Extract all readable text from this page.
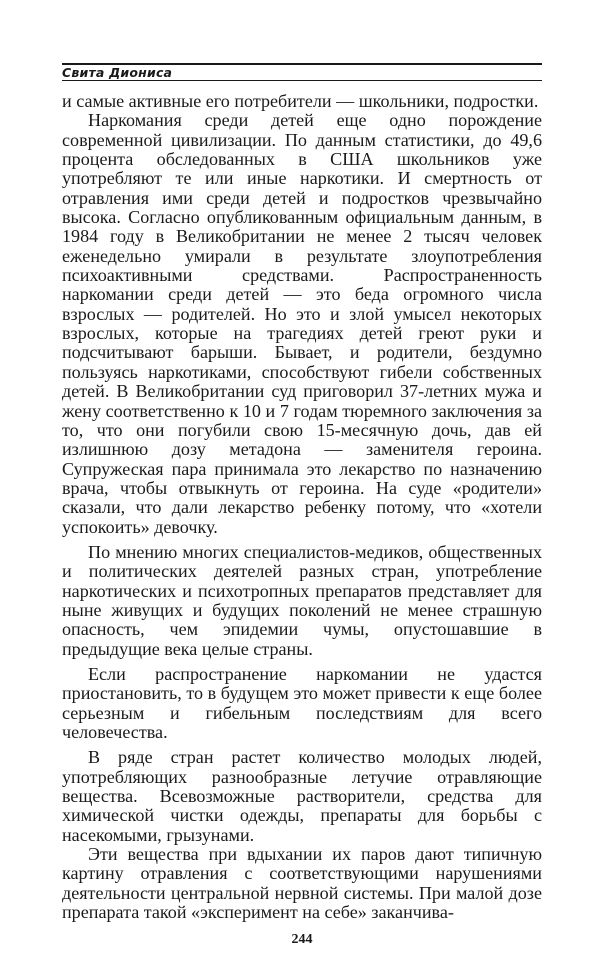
Свита Диониса

и самые активные его потребители — школьники, подростки.

Наркомания среди детей еще одно порождение современной цивилизации. По данным статистики, до 49,6 процента обследованных в США школьников уже употребляют те или иные наркотики. И смертность от отравления ими среди детей и подростков чрезвычайно высока. Согласно опубликованным официальным данным, в 1984 году в Великобритании не менее 2 тысяч человек еженедельно умирали в результате злоупотребления психоактивными средствами. Распространенность наркомании среди детей — это беда огромного числа взрослых — родителей. Но это и злой умысел некоторых взрослых, которые на трагедиях детей греют руки и подсчитывают барыши. Бывает, и родители, бездумно пользуясь наркотиками, способствуют гибели собственных детей. В Великобритании суд приговорил 37-летних мужа и жену соответственно к 10 и 7 годам тюремного заключения за то, что они погубили свою 15-месячную дочь, дав ей излишнюю дозу метадона — заменителя героина. Супружеская пара принимала это лекарство по назначению врача, чтобы отвыкнуть от героина. На суде «родители» сказали, что дали лекарство ребенку потому, что «хотели успокоить» девочку.

По мнению многих специалистов-медиков, общественных и политических деятелей разных стран, употребление наркотических и психотропных препаратов представляет для ныне живущих и будущих поколений не менее страшную опасность, чем эпидемии чумы, опустошавшие в предыдущие века целые страны.

Если распространение наркомании не удастся приостановить, то в будущем это может привести к еще более серьезным и гибельным последствиям для всего человечества.

В ряде стран растет количество молодых людей, употребляющих разнообразные летучие отравляющие вещества. Всевозможные растворители, средства для химической чистки одежды, препараты для борьбы с насекомыми, грызунами.

Эти вещества при вдыхании их паров дают типичную картину отравления с соответствующими нарушениями деятельности центральной нервной системы. При малой дозе препарата такой «эксперимент на себе» заканчива-

244
